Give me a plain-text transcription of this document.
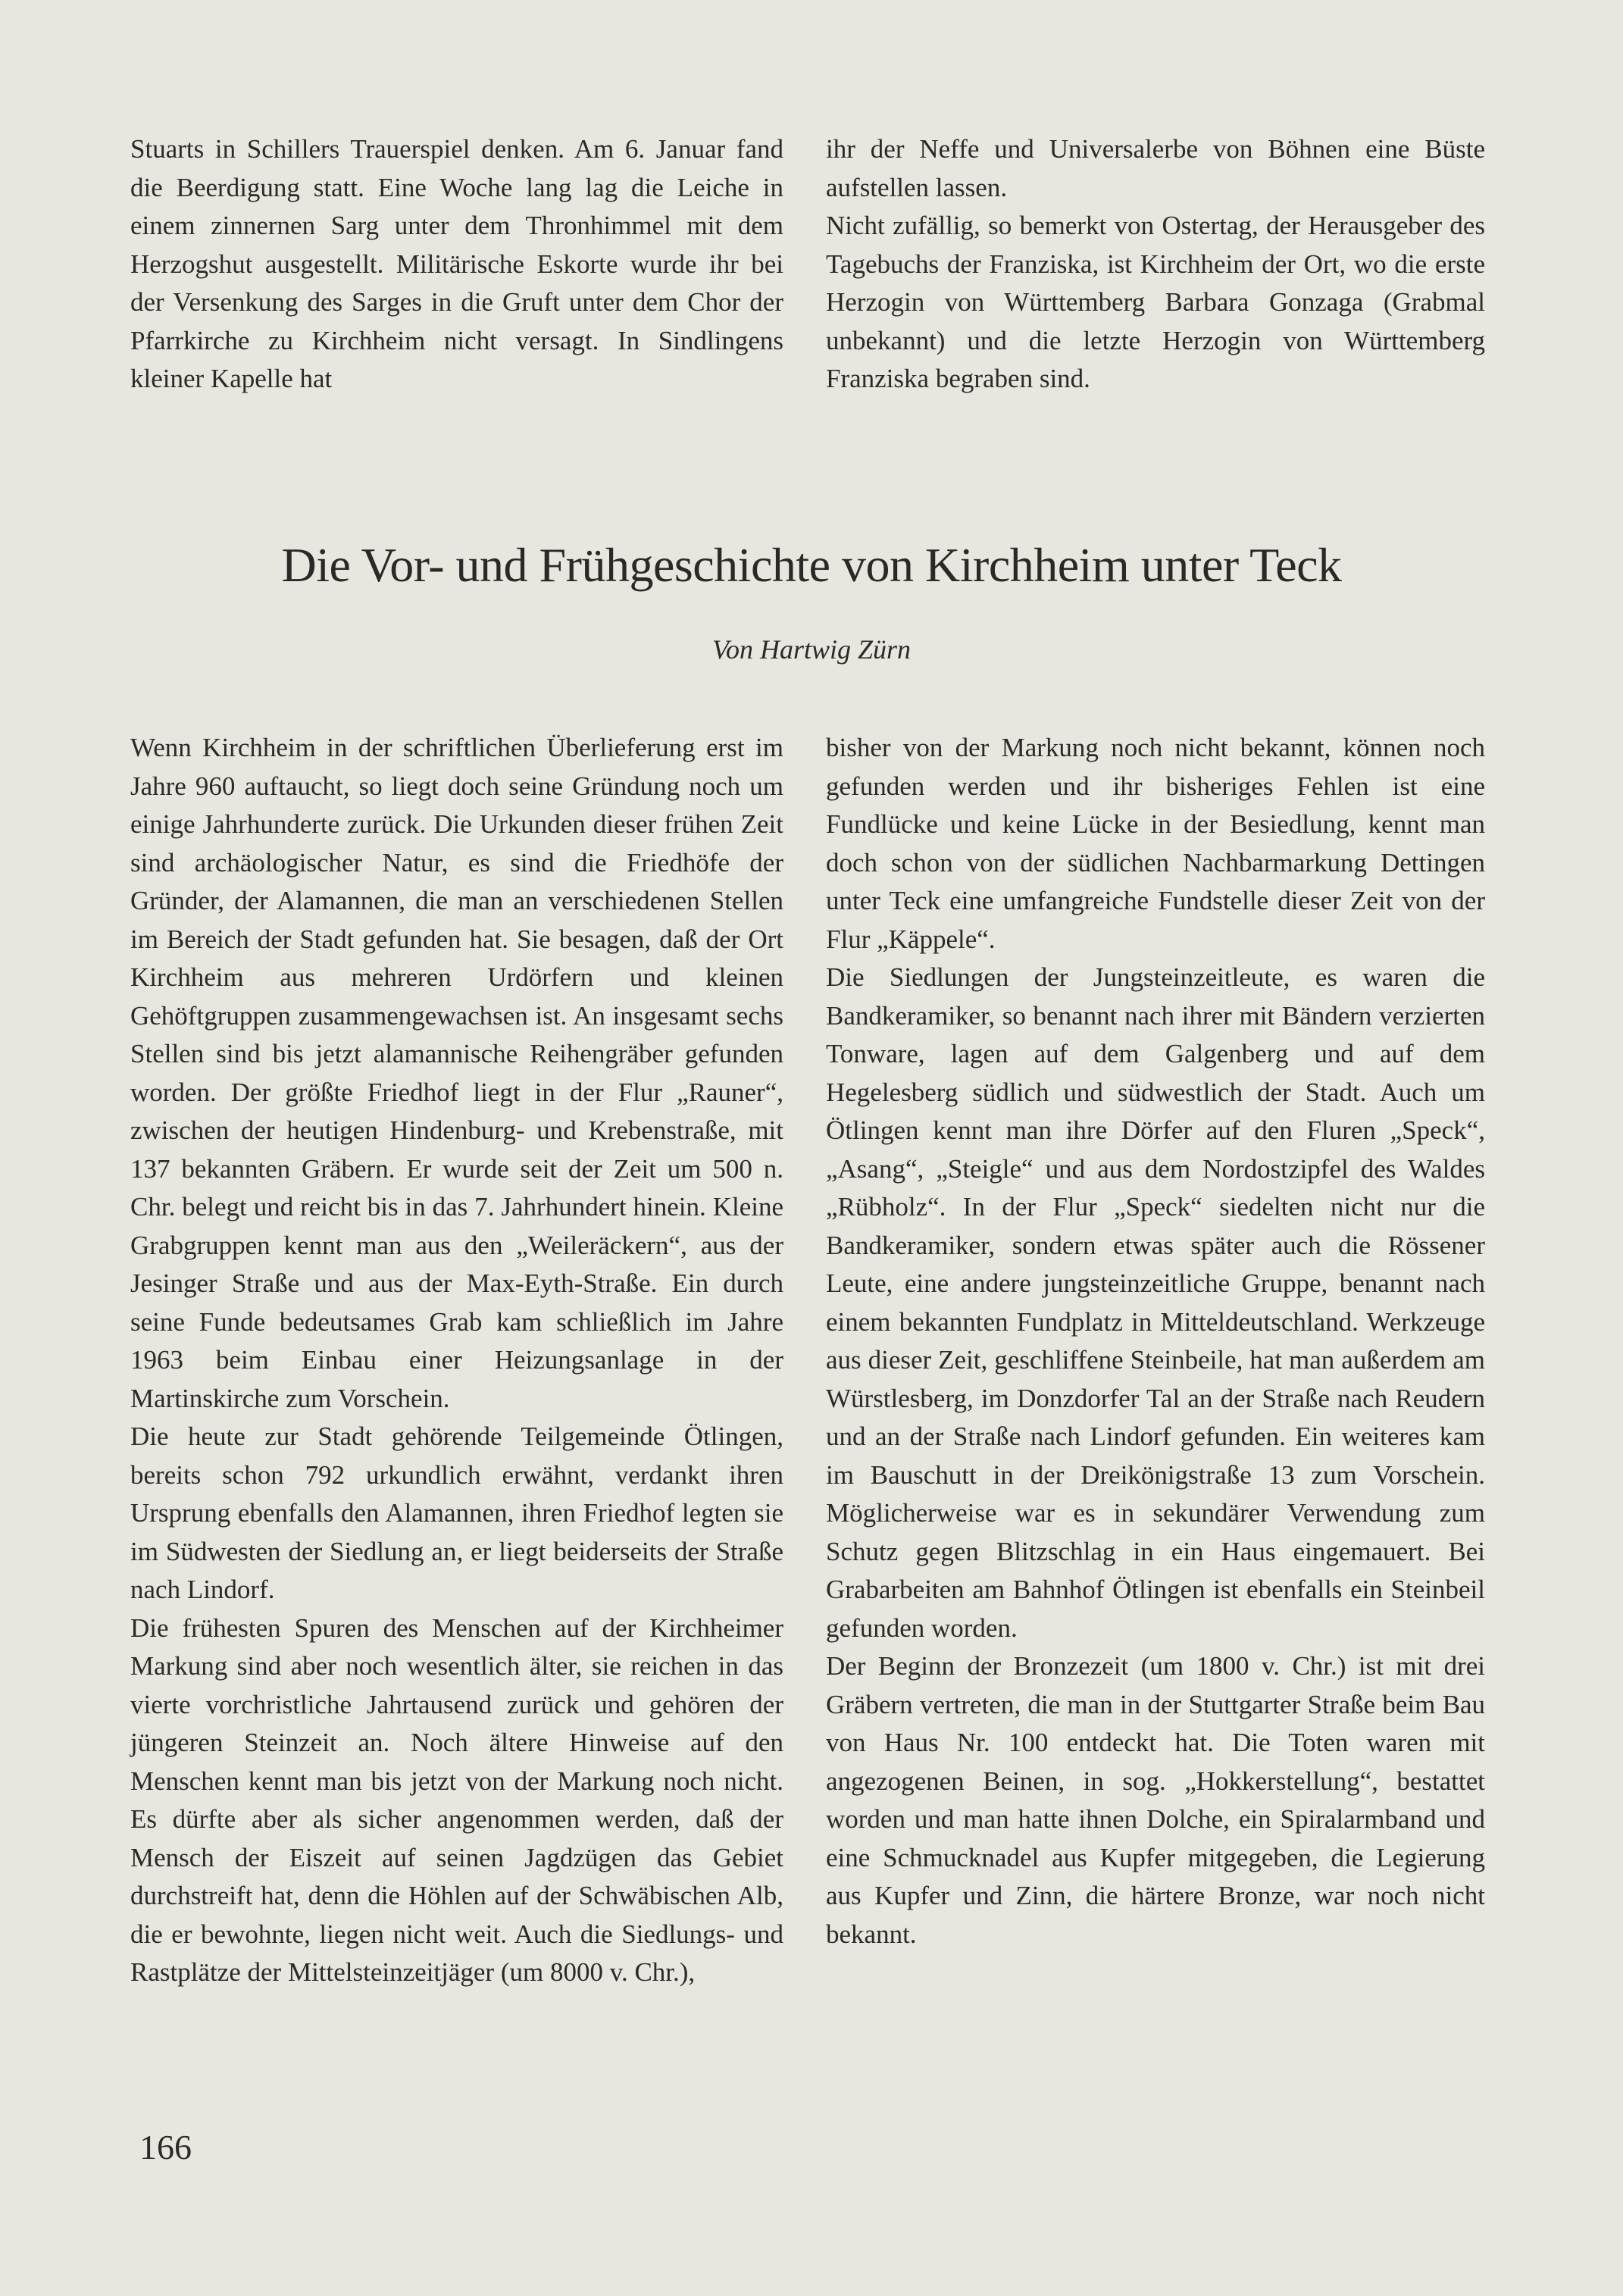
Stuarts in Schillers Trauerspiel denken. Am 6. Januar fand die Beerdigung statt. Eine Woche lang lag die Leiche in einem zinnernen Sarg unter dem Thronhimmel mit dem Herzogshut ausgestellt. Militärische Eskorte wurde ihr bei der Versenkung des Sarges in die Gruft unter dem Chor der Pfarrkirche zu Kirchheim nicht versagt. In Sindlingens kleiner Kapelle hat

ihr der Neffe und Universalerbe von Böhnen eine Büste aufstellen lassen.

Nicht zufällig, so bemerkt von Ostertag, der Herausgeber des Tagebuchs der Franziska, ist Kirchheim der Ort, wo die erste Herzogin von Württemberg Barbara Gonzaga (Grabmal unbekannt) und die letzte Herzogin von Württemberg Franziska begraben sind.

Die Vor- und Frühgeschichte von Kirchheim unter Teck
Von Hartwig Zürn

Wenn Kirchheim in der schriftlichen Überlieferung erst im Jahre 960 auftaucht, so liegt doch seine Gründung noch um einige Jahrhunderte zurück. Die Urkunden dieser frühen Zeit sind archäologischer Natur, es sind die Friedhöfe der Gründer, der Alamannen, die man an verschiedenen Stellen im Bereich der Stadt gefunden hat. Sie besagen, daß der Ort Kirchheim aus mehreren Urdörfern und kleinen Gehöftgruppen zusammengewachsen ist. An insgesamt sechs Stellen sind bis jetzt alamannische Reihengräber gefunden worden. Der größte Friedhof liegt in der Flur „Rauner“, zwischen der heutigen Hindenburg- und Krebenstraße, mit 137 bekannten Gräbern. Er wurde seit der Zeit um 500 n. Chr. belegt und reicht bis in das 7. Jahrhundert hinein. Kleine Grabgruppen kennt man aus den „Weileräckern“, aus der Jesinger Straße und aus der Max-Eyth-Straße. Ein durch seine Funde bedeutsames Grab kam schließlich im Jahre 1963 beim Einbau einer Heizungsanlage in der Martinskirche zum Vorschein.

Die heute zur Stadt gehörende Teilgemeinde Ötlingen, bereits schon 792 urkundlich erwähnt, verdankt ihren Ursprung ebenfalls den Alamannen, ihren Friedhof legten sie im Südwesten der Siedlung an, er liegt beiderseits der Straße nach Lindorf.

Die frühesten Spuren des Menschen auf der Kirchheimer Markung sind aber noch wesentlich älter, sie reichen in das vierte vorchristliche Jahrtausend zurück und gehören der jüngeren Steinzeit an. Noch ältere Hinweise auf den Menschen kennt man bis jetzt von der Markung noch nicht. Es dürfte aber als sicher angenommen werden, daß der Mensch der Eiszeit auf seinen Jagdzügen das Gebiet durchstreift hat, denn die Höhlen auf der Schwäbischen Alb, die er bewohnte, liegen nicht weit. Auch die Siedlungs- und Rastplätze der Mittelsteinzeitjäger (um 8000 v. Chr.),

bisher von der Markung noch nicht bekannt, können noch gefunden werden und ihr bisheriges Fehlen ist eine Fundlücke und keine Lücke in der Besiedlung, kennt man doch schon von der südlichen Nachbarmarkung Dettingen unter Teck eine umfangreiche Fundstelle dieser Zeit von der Flur „Käppele“.

Die Siedlungen der Jungsteinzeitleute, es waren die Bandkeramiker, so benannt nach ihrer mit Bändern verzierten Tonware, lagen auf dem Galgenberg und auf dem Hegelesberg südlich und südwestlich der Stadt. Auch um Ötlingen kennt man ihre Dörfer auf den Fluren „Speck“, „Asang“, „Steigle“ und aus dem Nordostzipfel des Waldes „Rübholz“. In der Flur „Speck“ siedelten nicht nur die Bandkeramiker, sondern etwas später auch die Rössener Leute, eine andere jungsteinzeitliche Gruppe, benannt nach einem bekannten Fundplatz in Mitteldeutschland. Werkzeuge aus dieser Zeit, geschliffene Steinbeile, hat man außerdem am Würstlesberg, im Donzdorfer Tal an der Straße nach Reudern und an der Straße nach Lindorf gefunden. Ein weiteres kam im Bauschutt in der Dreikönigstraße 13 zum Vorschein. Möglicherweise war es in sekundärer Verwendung zum Schutz gegen Blitzschlag in ein Haus eingemauert. Bei Grabarbeiten am Bahnhof Ötlingen ist ebenfalls ein Steinbeil gefunden worden.

Der Beginn der Bronzezeit (um 1800 v. Chr.) ist mit drei Gräbern vertreten, die man in der Stuttgarter Straße beim Bau von Haus Nr. 100 entdeckt hat. Die Toten waren mit angezogenen Beinen, in sog. „Hokkerstellung“, bestattet worden und man hatte ihnen Dolche, ein Spiralarmband und eine Schmucknadel aus Kupfer mitgegeben, die Legierung aus Kupfer und Zinn, die härtere Bronze, war noch nicht bekannt.

166
